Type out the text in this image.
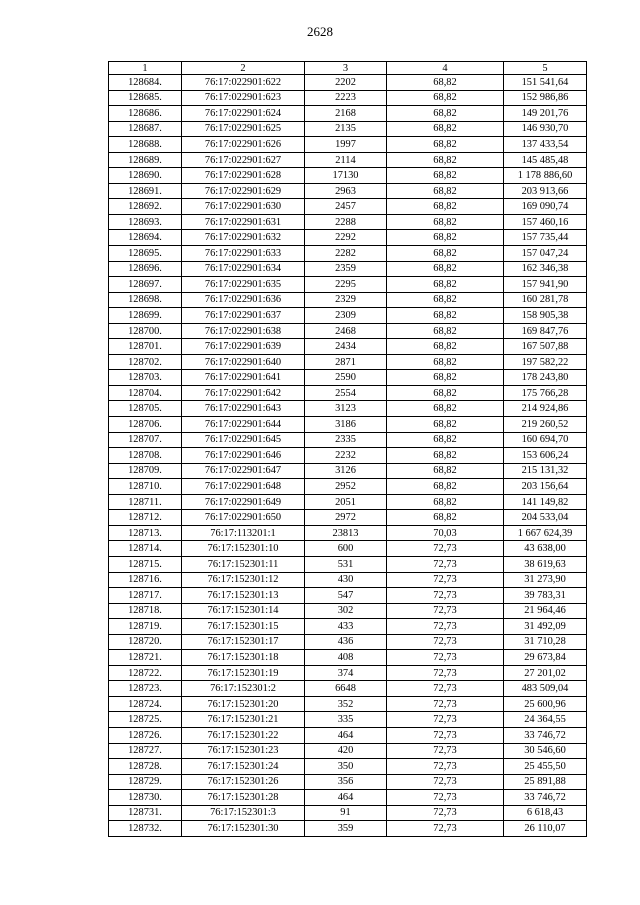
2628
1	2	3	4	5
128684.	76:17:022901:622	2202	68,82	151 541,64
128685.	76:17:022901:623	2223	68,82	152 986,86
128686.	76:17:022901:624	2168	68,82	149 201,76
128687.	76:17:022901:625	2135	68,82	146 930,70
128688.	76:17:022901:626	1997	68,82	137 433,54
128689.	76:17:022901:627	2114	68,82	145 485,48
128690.	76:17:022901:628	17130	68,82	1 178 886,60
128691.	76:17:022901:629	2963	68,82	203 913,66
128692.	76:17:022901:630	2457	68,82	169 090,74
128693.	76:17:022901:631	2288	68,82	157 460,16
128694.	76:17:022901:632	2292	68,82	157 735,44
128695.	76:17:022901:633	2282	68,82	157 047,24
128696.	76:17:022901:634	2359	68,82	162 346,38
128697.	76:17:022901:635	2295	68,82	157 941,90
128698.	76:17:022901:636	2329	68,82	160 281,78
128699.	76:17:022901:637	2309	68,82	158 905,38
128700.	76:17:022901:638	2468	68,82	169 847,76
128701.	76:17:022901:639	2434	68,82	167 507,88
128702.	76:17:022901:640	2871	68,82	197 582,22
128703.	76:17:022901:641	2590	68,82	178 243,80
128704.	76:17:022901:642	2554	68,82	175 766,28
128705.	76:17:022901:643	3123	68,82	214 924,86
128706.	76:17:022901:644	3186	68,82	219 260,52
128707.	76:17:022901:645	2335	68,82	160 694,70
128708.	76:17:022901:646	2232	68,82	153 606,24
128709.	76:17:022901:647	3126	68,82	215 131,32
128710.	76:17:022901:648	2952	68,82	203 156,64
128711.	76:17:022901:649	2051	68,82	141 149,82
128712.	76:17:022901:650	2972	68,82	204 533,04
128713.	76:17:113201:1	23813	70,03	1 667 624,39
128714.	76:17:152301:10	600	72,73	43 638,00
128715.	76:17:152301:11	531	72,73	38 619,63
128716.	76:17:152301:12	430	72,73	31 273,90
128717.	76:17:152301:13	547	72,73	39 783,31
128718.	76:17:152301:14	302	72,73	21 964,46
128719.	76:17:152301:15	433	72,73	31 492,09
128720.	76:17:152301:17	436	72,73	31 710,28
128721.	76:17:152301:18	408	72,73	29 673,84
128722.	76:17:152301:19	374	72,73	27 201,02
128723.	76:17:152301:2	6648	72,73	483 509,04
128724.	76:17:152301:20	352	72,73	25 600,96
128725.	76:17:152301:21	335	72,73	24 364,55
128726.	76:17:152301:22	464	72,73	33 746,72
128727.	76:17:152301:23	420	72,73	30 546,60
128728.	76:17:152301:24	350	72,73	25 455,50
128729.	76:17:152301:26	356	72,73	25 891,88
128730.	76:17:152301:28	464	72,73	33 746,72
128731.	76:17:152301:3	91	72,73	6 618,43
128732.	76:17:152301:30	359	72,73	26 110,07
